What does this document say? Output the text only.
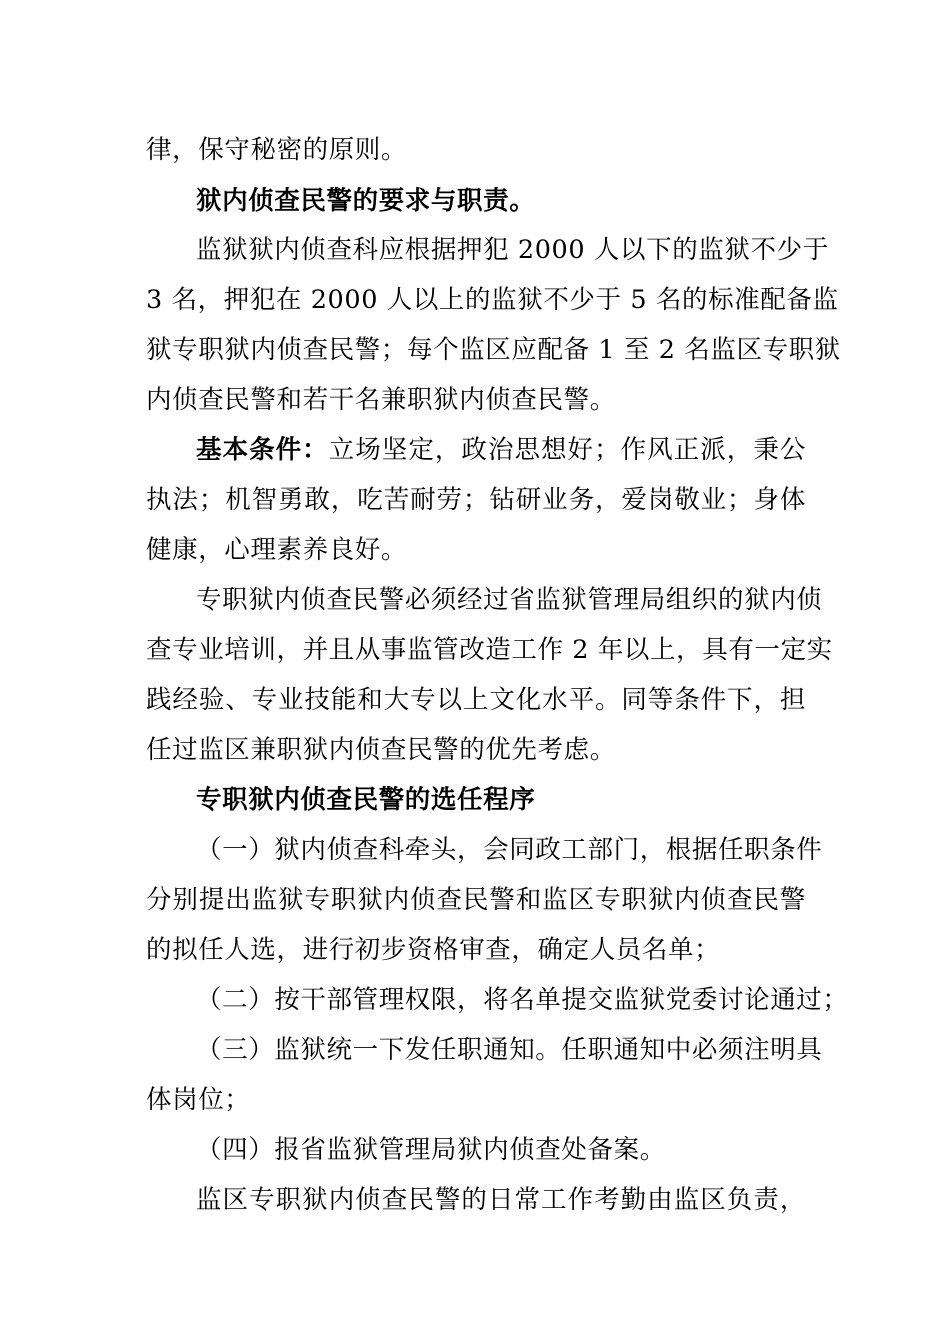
律，保守秘密的原则。
狱内侦查民警的要求与职责。
监狱狱内侦查科应根据押犯 2000 人以下的监狱不少于
3 名，押犯在 2000 人以上的监狱不少于 5 名的标准配备监
狱专职狱内侦查民警；每个监区应配备 1 至 2 名监区专职狱
内侦查民警和若干名兼职狱内侦查民警。
基本条件：立场坚定，政治思想好；作风正派，秉公
执法；机智勇敢，吃苦耐劳；钻研业务，爱岗敬业；身体
健康，心理素养良好。
专职狱内侦查民警必须经过省监狱管理局组织的狱内侦
查专业培训，并且从事监管改造工作 2 年以上，具有一定实
践经验、专业技能和大专以上文化水平。同等条件下，担
任过监区兼职狱内侦查民警的优先考虑。
专职狱内侦查民警的选任程序
（一）狱内侦查科牵头，会同政工部门，根据任职条件
分别提出监狱专职狱内侦查民警和监区专职狱内侦查民警
的拟任人选，进行初步资格审查，确定人员名单；
（二）按干部管理权限，将名单提交监狱党委讨论通过；
（三）监狱统一下发任职通知。任职通知中必须注明具
体岗位；
（四）报省监狱管理局狱内侦查处备案。
监区专职狱内侦查民警的日常工作考勤由监区负责，
